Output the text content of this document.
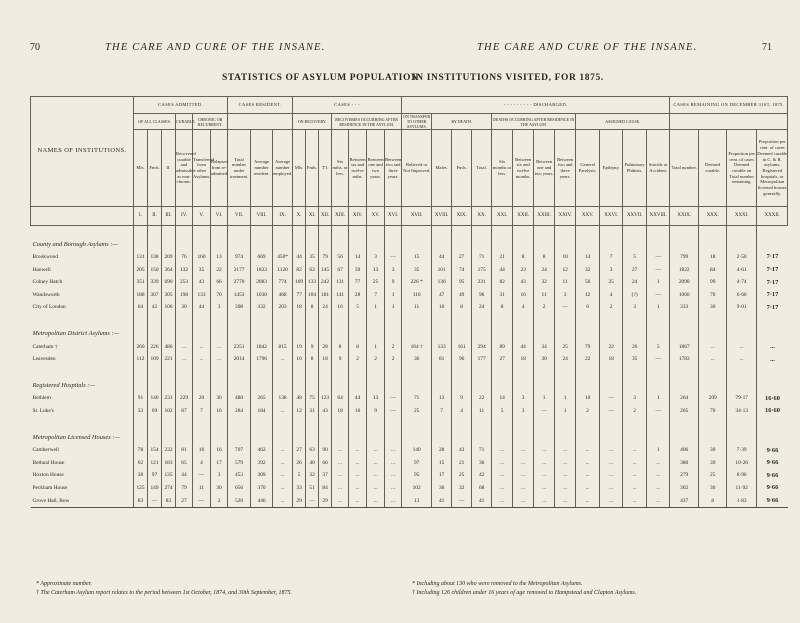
70	THE CARE AND CURE OF THE INSANE.	THE CARE AND CURE OF THE INSANE.	71
STATISTICS OF ASYLUM POPULATION
IN INSTITUTIONS VISITED, FOR 1875.
NAMES OF INSTITUTIONS.	CASES ADMITTED.						CASES RESIDENT.			CASES - - -							- - - - - - - - - DISCHARGED.												CASES REMAINING ON DECEMBER 31ST, 1875.			
	OF ALL CLASSES.			CURABLE.	CHRONIC OR RECURRENT.					ON RECOVERY.			RECOVERIES OCCURRING AFTER RESIDENCE IN THE ASYLUM.				ON TRANSFER TO OTHER ASYLUMS.	BY DEATH.			DEATHS OCCURRING AFTER RESIDENCE IN THE ASYLUM.				ASSIGNED CAUSE.							
	Mls.	Fmls.	II.	Recovered curable and admissible as non-chronic.	Transferred from other Asylums.	Relapsed from re-admitted.	Total number under treatment.	Average number resident.	Average number employed.	Mls.	Fmls.	T'l.	Six mths. or less.	Between six and twelve mths.	Between one and two years.	Between two and three years.	Relieved or Not Improved.	Males.	Fmls.	Total.	Six months or less.	Between six and twelve months.	Between one and two years.	Between two and three years.	General Paralysis.	Epilepsy.	Pulmonary Phthisis.	Suicide or Accident.	Total number.	Deemed curable.	Proportion per cent. of cases Deemed curable on Total number remaining.	Proportion per cent. of cases Deemed curable in C. & B. asylums, Registered hospitals, or Metropolitan licensed houses generally.
	I.	II.	III.	IV.	V.	VI.	VII.	VIII.	IX.	X.	XI.	XII.	XIII.	XIV.	XV.	XVI.	XVII.	XVIII.	XIX.	XX.	XXI.	XXII.	XXIII.	XXIV.	XXV.	XXVI.	XXVII.	XXVIII.	XXIX.	XXX.	XXXI.	XXXII.

County and Borough Asylums :—																																
Brookwood	131	138	209	76	160	13	974	669	450*	44	35	79	56	14	3	—	15	44	27	71	21	8	8	10	14	7	5	—	799	18	2·50	7·17
Hanwell	205	150	364	132	35	22	2177	1823	1120	82	63	145	67	39	13	3	35	101	74	175	44	23	24	12	32	3	27	—	1822	84	4·61	7·17
Colney Hatch	351	339	690	253	43	66	2770	2083	774	109	133	242	131	77	25	9	226 *	136	95	231	82	43	32	11	56	25	24	1	2090	99	4·74	7·17
Wandsworth	188	307	305	198	133	70	1453	1030	468	77	104	181	141	28	7	1	116	47	49	96	31	16	11	3	12	4	(?)	—	1060	70	6·60	7·17
City of London	64	42	106	30	44	3	398	332	203	18	8	24	16	5	1	1	11	16	8	24	8	4	2	—	6	2	3	1	333	30	9·01	7·17

Metropolitan District Asylums :—																																
Caterham †	260	226	486	...	...	...	2351	1842	815	19	9	28	8	8	1	2	164 †	133	161	294	89	44	34	25	79	22	26	5	1867	...	...	...
Leavesden	112	109	221	...	...	...	2014	1796	...	10	8	18	9	2	2	2	36	81	96	177	27	18	30	24	22	18	35	—	1783	...	...	...

Registered Hospitals :—																																
Bethlem	91	140	231	229	20	30	480	265	138	48	75	123	64	44	13	—	71	13	9	22	14	3	1	1	10	—	3	1	264	209	79·17	16·60
St. Luke's	33	69	102	87	7	16	284	184	...	12	31	43	18	16	9	—	25	7	4	11	5	3	—	1	2	—	2	—	205	70	34·13	16·60

Metropolitan Licensed Houses :—																																
Camberwell	78	154	232	81	16	16	707	462	...	27	63	90	...	...	...	...	140	28	43	71	...	...	...	...	...	...	...	1	406	30	7·39	9·66
Bethnal House	62	121	183	65	4	17	579	392	...	26	40	66	...	...	...	...	97	15	21	36	...	...	...	...	...	...	...	...	380	39	10·26	9·66
Hoxton House	38	97	135	44	—	3	453	309	...	5	32	37	...	...	...	...	95	17	25	42	...	...	...	...	...	...	...	...	279	25	8·96	9·66
Peckham House	125	149	274	79	11	30	656	370	...	33	51	84	...	...	...	...	102	36	32	68	...	...	...	...	...	...	...	...	302	36	11·92	9·66
Grove Hall, Bow	83	—	83	27	—	2	520	446	...	29	—	29	...	...	...	...	13	41	—	41	...	...	...	...	...	...	...	...	437	8	1·83	9·66
* Approximate number.
† The Caterham Asylum report relates to the period between 1st October, 1874, and 30th September, 1875.
* Including about 130 who were removed to the Metropolitan Asylums.
† Including 126 children under 16 years of age removed to Hampstead and Clapton Asylums.
